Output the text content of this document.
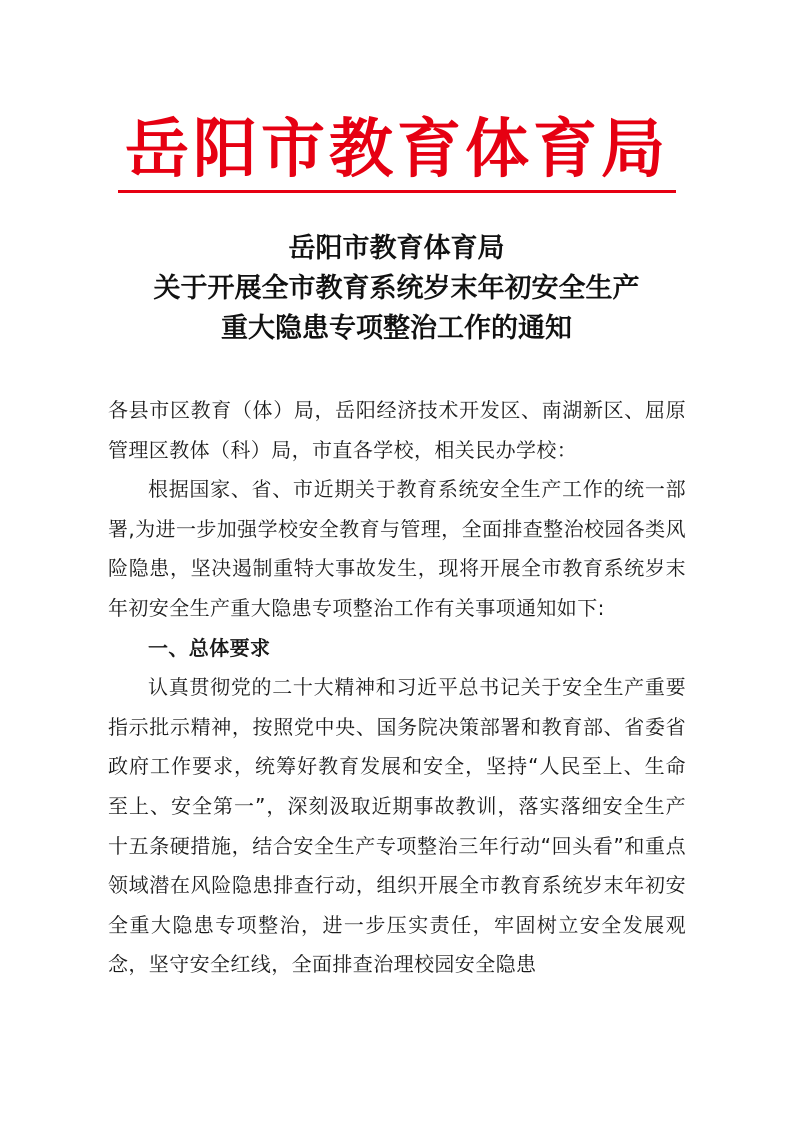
岳阳市教育体育局
岳阳市教育体育局
关于开展全市教育系统岁末年初安全生产
重大隐患专项整治工作的通知

各县市区教育（体）局，岳阳经济技术开发区、南湖新区、屈原管理区教体（科）局，市直各学校，相关民办学校：

根据国家、省、市近期关于教育系统安全生产工作的统一部署,为进一步加强学校安全教育与管理，全面排查整治校园各类风险隐患，坚决遏制重特大事故发生，现将开展全市教育系统岁末年初安全生产重大隐患专项整治工作有关事项通知如下:

一、总体要求

认真贯彻党的二十大精神和习近平总书记关于安全生产重要指示批示精神，按照党中央、国务院决策部署和教育部、省委省政府工作要求，统筹好教育发展和安全，坚持“人民至上、生命至上、安全第一”，深刻汲取近期事故教训，落实落细安全生产十五条硬措施，结合安全生产专项整治三年行动“回头看”和重点领域潜在风险隐患排查行动，组织开展全市教育系统岁末年初安全重大隐患专项整治，进一步压实责任，牢固树立安全发展观念，坚守安全红线，全面排查治理校园安全隐患
